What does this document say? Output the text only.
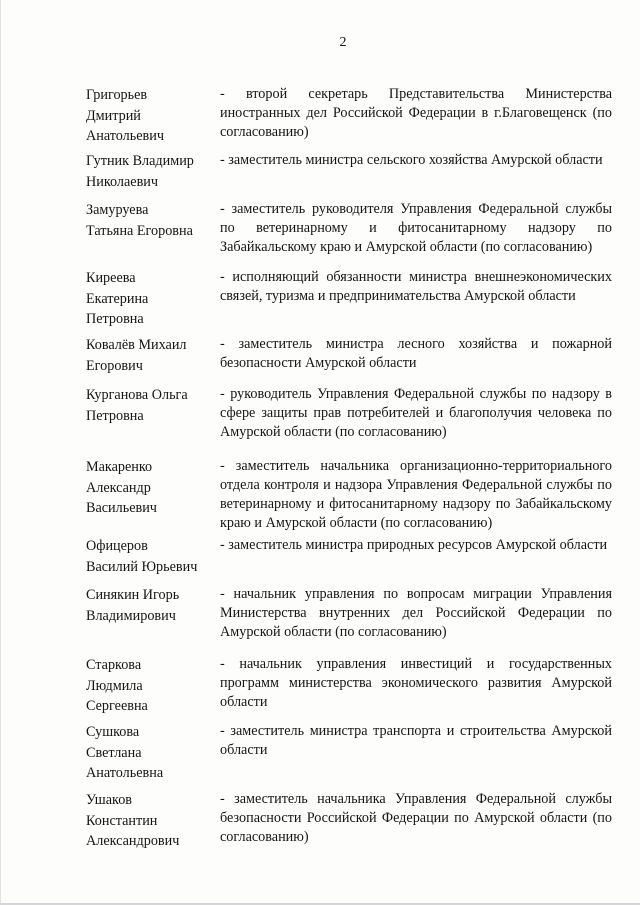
2
Григорьев
Дмитрий
Анатольевич
- второй секретарь Представительства Министерства иностранных дел Российской Федерации в г.Благовещенск (по согласованию)
Гутник Владимир
Николаевич
- заместитель министра сельского хозяйства Амурской области
Замуруева
Татьяна Егоровна
- заместитель руководителя Управления Федеральной службы по ветеринарному и фитосанитарному надзору по Забайкальскому краю и Амурской области (по согласованию)
Киреева
Екатерина
Петровна
- исполняющий обязанности министра внешнеэкономических связей, туризма и предпринимательства Амурской области
Ковалёв Михаил
Егорович
- заместитель министра лесного хозяйства и пожарной безопасности Амурской области
Курганова Ольга
Петровна
- руководитель Управления Федеральной службы по надзору в сфере защиты прав потребителей и благополучия человека по Амурской области (по согласованию)
Макаренко
Александр
Васильевич
- заместитель начальника организационно-территориального отдела контроля и надзора Управления Федеральной службы по ветеринарному и фитосанитарному надзору по Забайкальскому краю и Амурской области (по согласованию)
Офицеров
Василий Юрьевич
- заместитель министра природных ресурсов Амурской области
Синякин Игорь
Владимирович
- начальник управления по вопросам миграции Управления Министерства внутренних дел Российской Федерации по Амурской области (по согласованию)
Старкова
Людмила
Сергеевна
- начальник управления инвестиций и государственных программ министерства экономического развития Амурской области
Сушкова
Светлана
Анатольевна
- заместитель министра транспорта и строительства Амурской области
Ушаков
Константин
Александрович
- заместитель начальника Управления Федеральной службы безопасности Российской Федерации по Амурской области (по согласованию)
